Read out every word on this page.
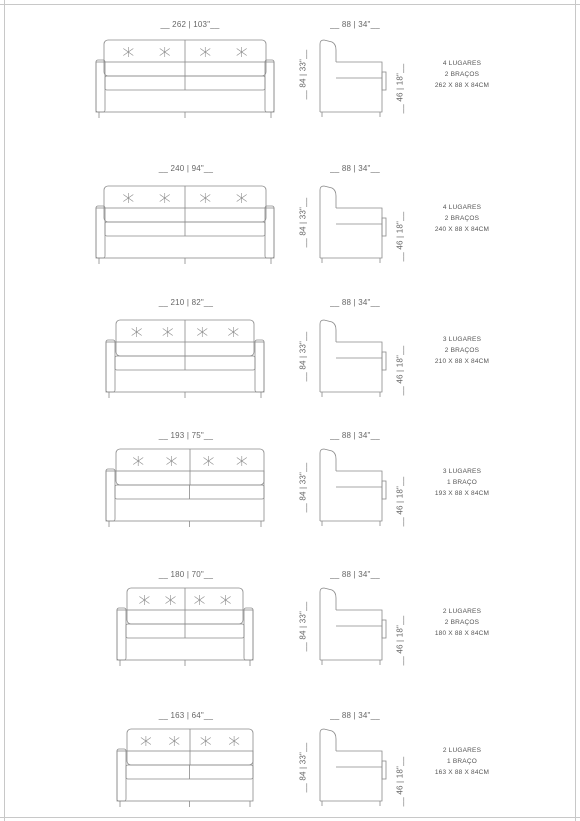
__ 262 | 103"__	__ 88 | 34"__
__ 84 | 33"__	__ 46 | 18"__
4 LUGARES
2 BRAÇOS
262 X 88 X 84CM
__ 240 | 94"__	__ 88 | 34"__
__ 84 | 33"__	__ 46 | 18"__
4 LUGARES
2 BRAÇOS
240 X 88 X 84CM
__ 210 | 82"__	__ 88 | 34"__
__ 84 | 33"__	__ 46 | 18"__
3 LUGARES
2 BRAÇOS
210 X 88 X 84CM
__ 193 | 75"__	__ 88 | 34"__
__ 84 | 33"__	__ 46 | 18"__
3 LUGARES
1 BRAÇO
193 X 88 X 84CM
__ 180 | 70"__	__ 88 | 34"__
__ 84 | 33"__	__ 46 | 18"__
2 LUGARES
2 BRAÇOS
180 X 88 X 84CM
__ 163 | 64"__	__ 88 | 34"__
__ 84 | 33"__	__ 46 | 18"__
2 LUGARES
1 BRAÇO
163 X 88 X 84CM
